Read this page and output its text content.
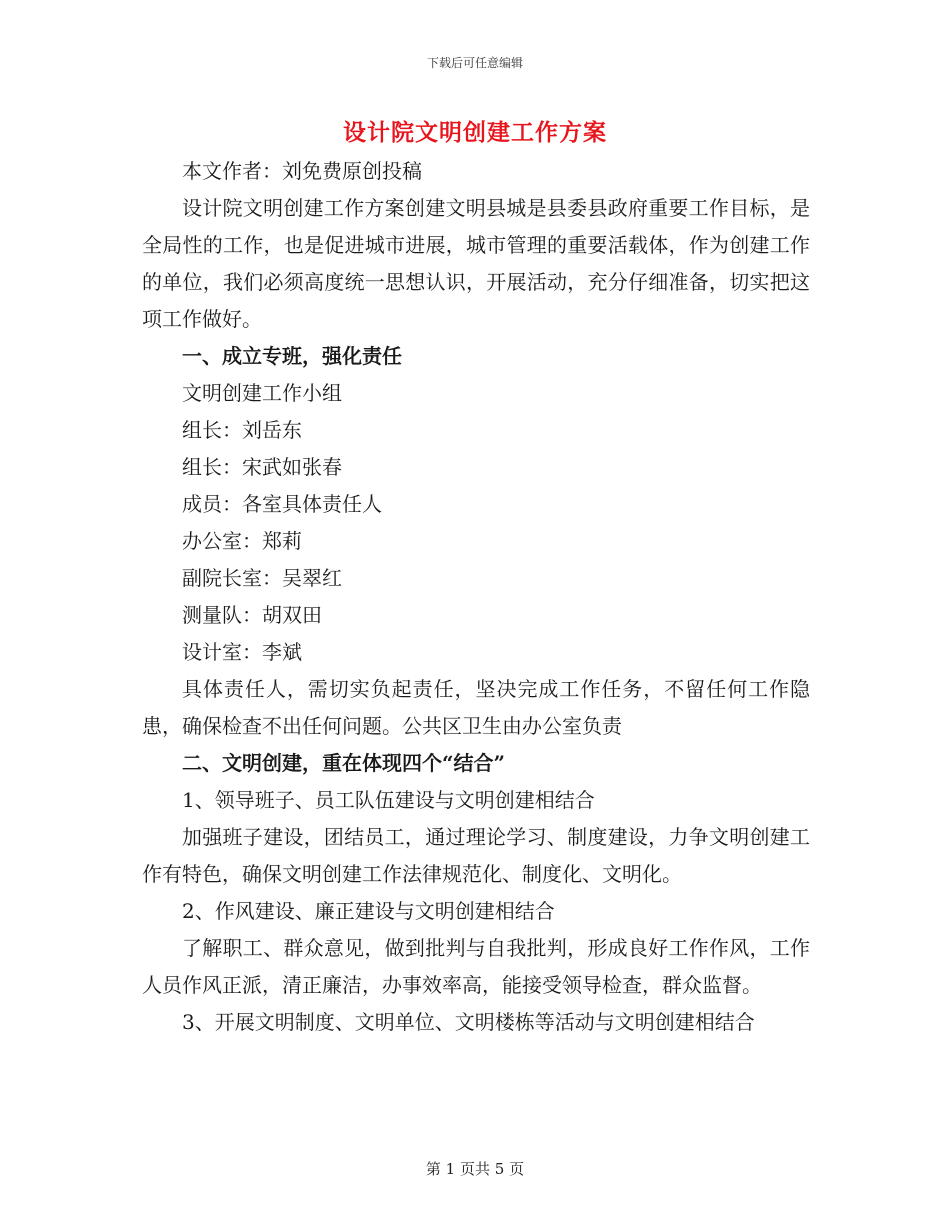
下载后可任意编辑
设计院文明创建工作方案

本文作者：刘免费原创投稿

设计院文明创建工作方案创建文明县城是县委县政府重要工作目标，是全局性的工作，也是促进城市进展，城市管理的重要活载体，作为创建工作的单位，我们必须高度统一思想认识，开展活动，充分仔细准备，切实把这项工作做好。

一、成立专班，强化责任

文明创建工作小组

组长：刘岳东

组长：宋武如张春

成员：各室具体责任人

办公室：郑莉

副院长室：吴翠红

测量队：胡双田

设计室：李斌

具体责任人，需切实负起责任，坚决完成工作任务，不留任何工作隐患，确保检查不出任何问题。公共区卫生由办公室负责

二、文明创建，重在体现四个“结合”

1、领导班子、员工队伍建设与文明创建相结合

加强班子建设，团结员工，通过理论学习、制度建设，力争文明创建工作有特色，确保文明创建工作法律规范化、制度化、文明化。

2、作风建设、廉正建设与文明创建相结合

了解职工、群众意见，做到批判与自我批判，形成良好工作作风，工作人员作风正派，清正廉洁，办事效率高，能接受领导检查，群众监督。

3、开展文明制度、文明单位、文明楼栋等活动与文明创建相结合

第 1 页共 5 页
